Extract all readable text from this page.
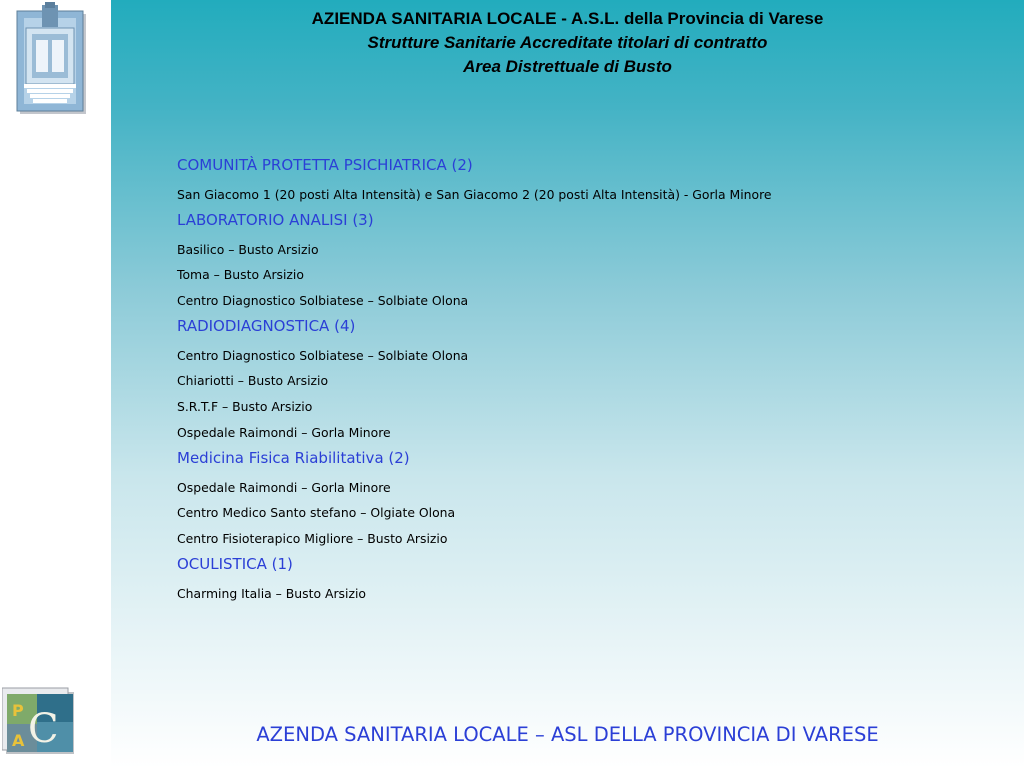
AZIENDA SANITARIA LOCALE - A.S.L. della Provincia di Varese
Strutture Sanitarie Accreditate titolari di contratto
Area Distrettuale di Busto
COMUNITÀ PROTETTA PSICHIATRICA (2)
San Giacomo 1 (20 posti Alta Intensità) e San Giacomo 2 (20 posti Alta Intensità) - Gorla Minore
LABORATORIO ANALISI (3)
Basilico – Busto Arsizio
Toma – Busto Arsizio
Centro Diagnostico Solbiatese – Solbiate Olona
RADIODIAGNOSTICA (4)
Centro Diagnostico Solbiatese – Solbiate Olona
Chiariotti – Busto Arsizio
S.R.T.F – Busto Arsizio
Ospedale Raimondi – Gorla Minore
Medicina Fisica Riabilitativa (2)
Ospedale Raimondi – Gorla Minore
Centro Medico Santo stefano – Olgiate Olona
Centro Fisioterapico Migliore – Busto Arsizio
OCULISTICA (1)
Charming Italia – Busto Arsizio
P
A C	AZENDA SANITARIA LOCALE – ASL DELLA PROVINCIA DI VARESE
